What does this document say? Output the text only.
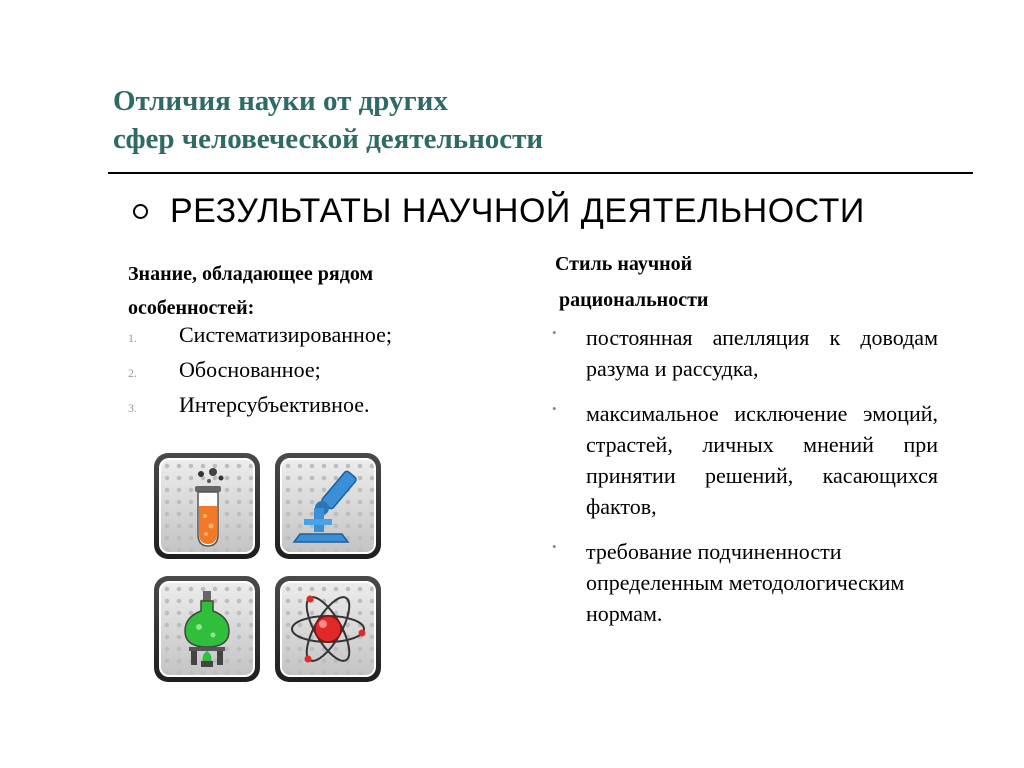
Отличия науки от других
сфер человеческой деятельности
РЕЗУЛЬТАТЫ НАУЧНОЙ ДЕЯТЕЛЬНОСТИ
Знание, обладающее рядом
особенностей:
1.	Систематизированное;
2.	Обоснованное;
3.	Интерсубъективное.
Стиль научной
рациональности
•	постоянная апелляция к доводам разума и рассудка,
•	максимальное исключение эмоций, страстей, личных мнений при принятии решений, касающихся фактов,
•	требование подчиненности определенным методологическим нормам.
